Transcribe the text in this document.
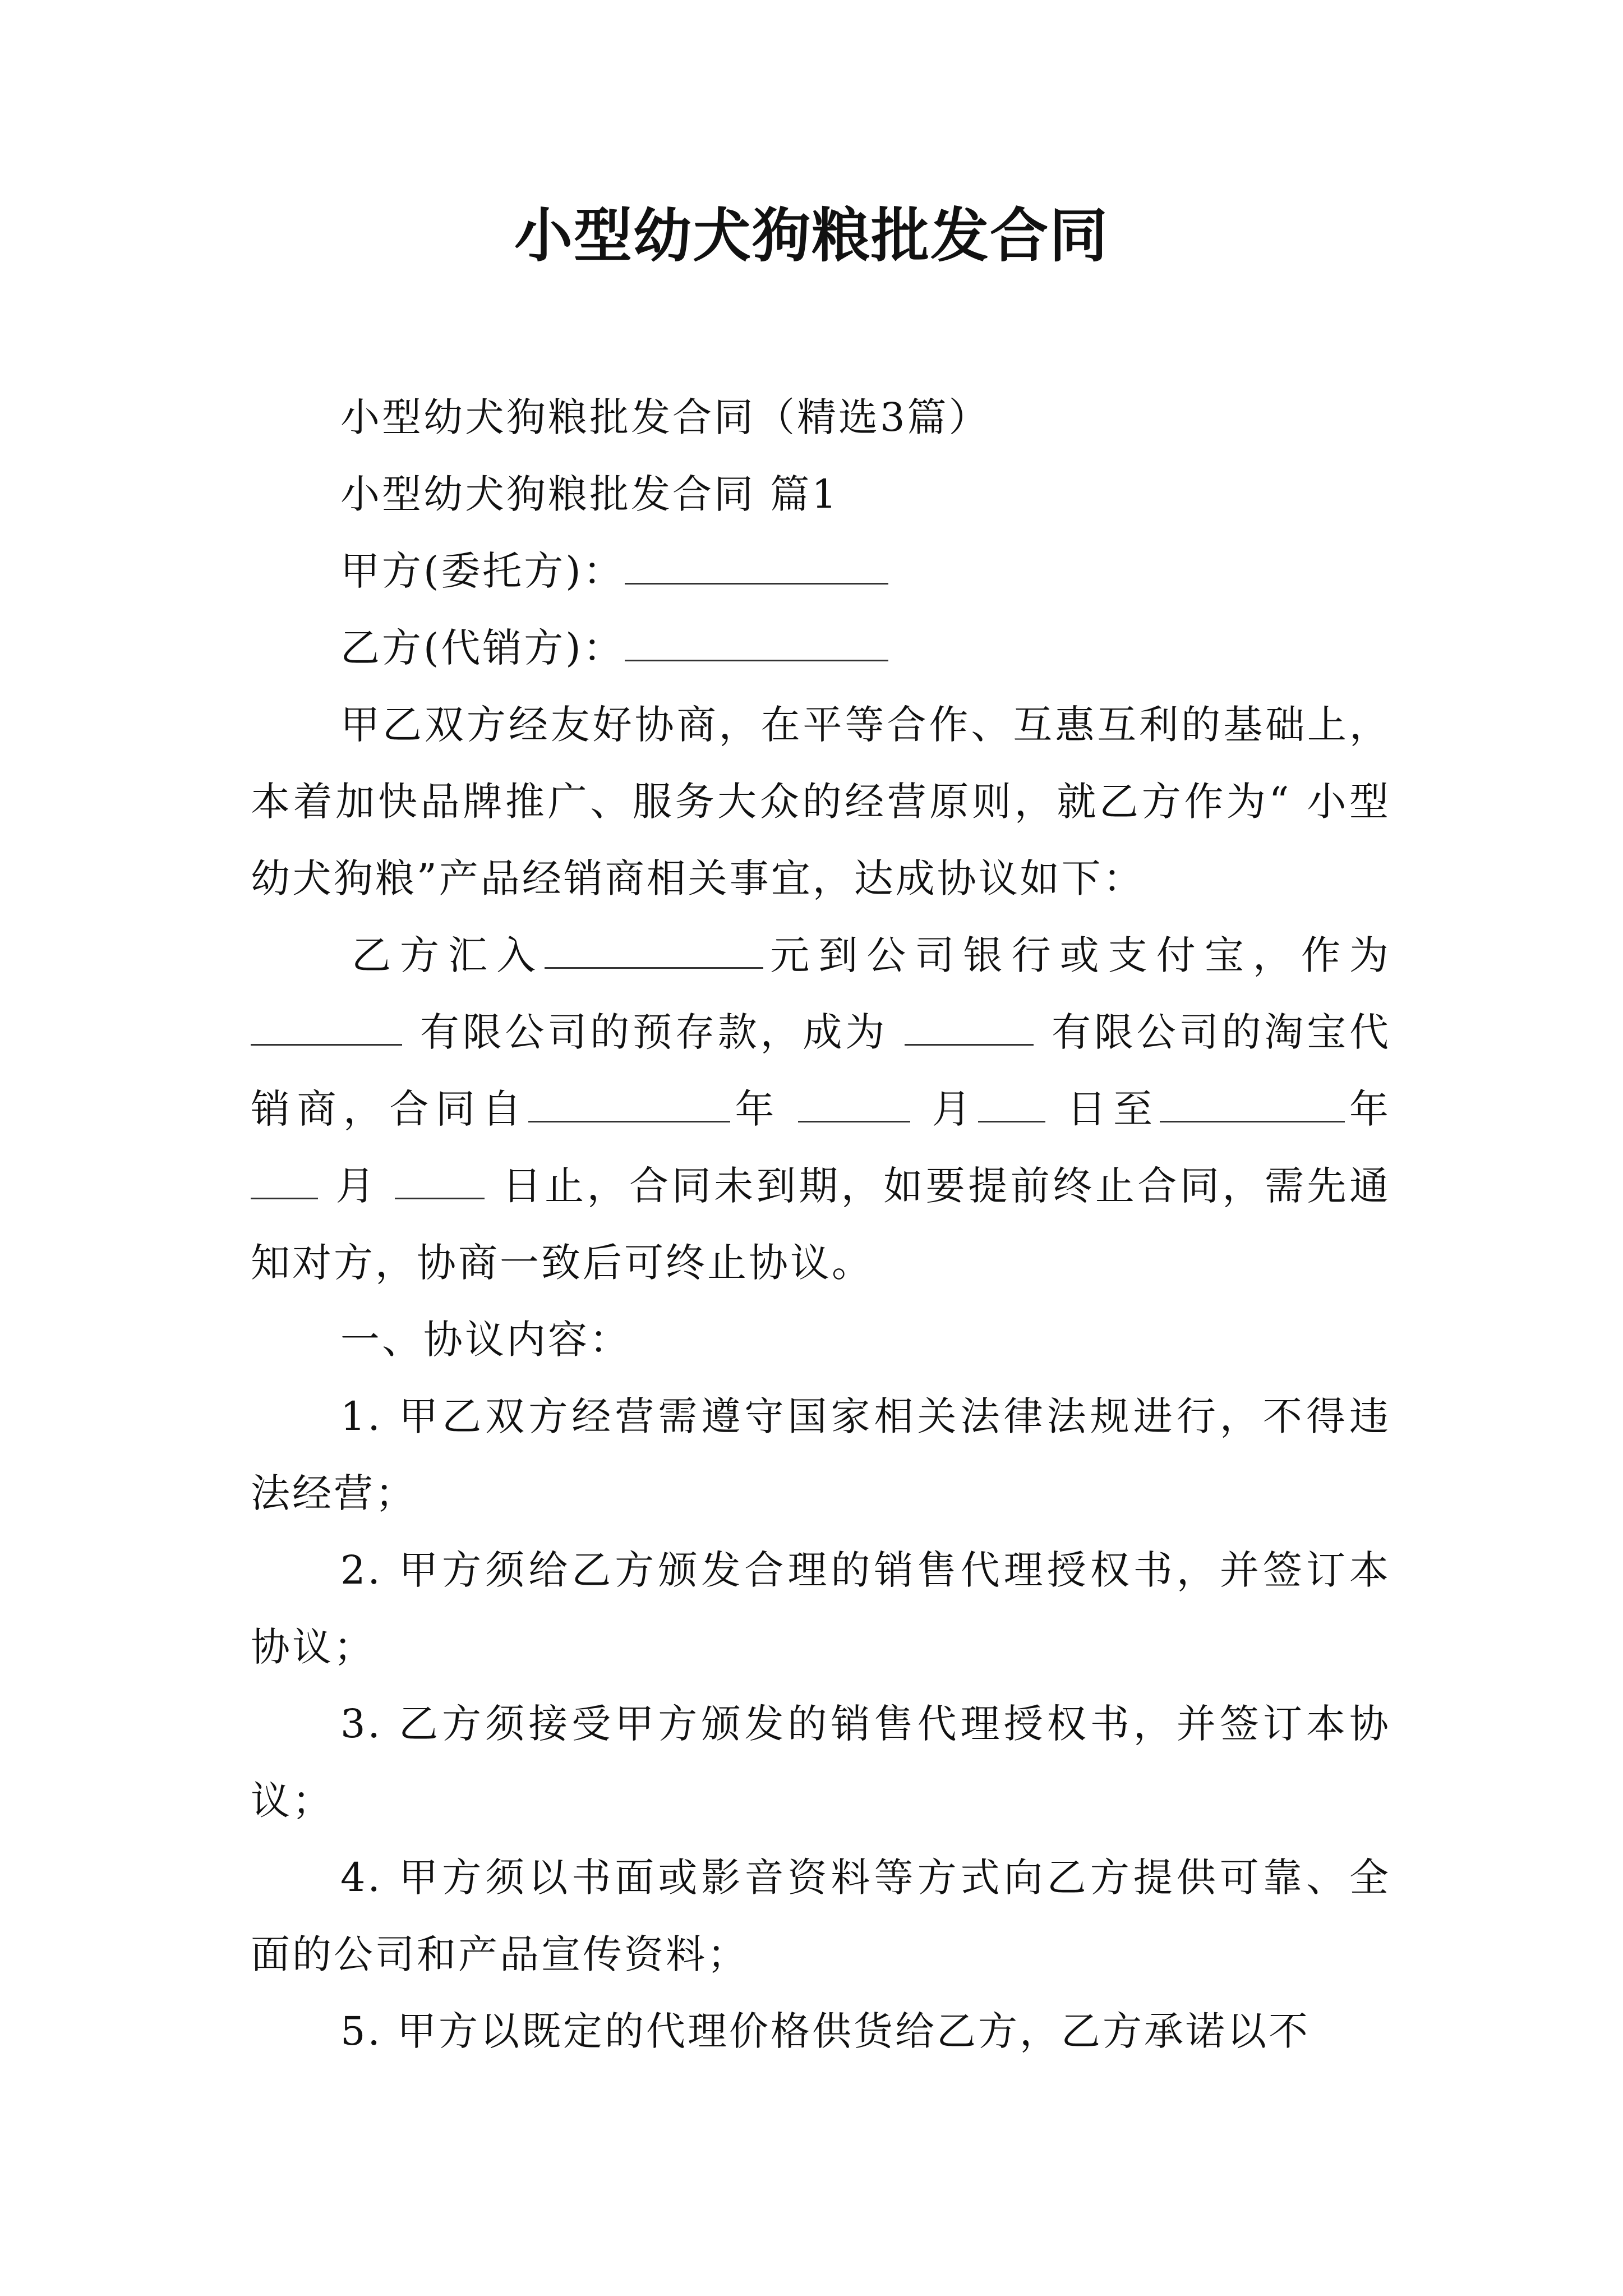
小型幼犬狗粮批发合同

小型幼犬狗粮批发合同（精选3篇）

小型幼犬狗粮批发合同 篇1

甲方(委托方)：

乙方(代销方)：

甲乙双方经友好协商，在平等合作、互惠互利的基础上，本着加快品牌推广、服务大众的经营原则，就乙方作为“ 小型幼犬狗粮”产品经销商相关事宜，达成协议如下：

乙方汇入	元到公司银行或支付宝，作为有限公司的预存款，成为	有限公司的淘宝代销商，合同自	年	月 日至	年月	日止，合同未到期，如要提前终止合同，需先通知对方，协商一致后可终止协议。

一、协议内容：

1. 甲乙双方经营需遵守国家相关法律法规进行，不得违法经营；

2. 甲方须给乙方颁发合理的销售代理授权书，并签订本协议；

3. 乙方须接受甲方颁发的销售代理授权书，并签订本协议；

4. 甲方须以书面或影音资料等方式向乙方提供可靠、全面的公司和产品宣传资料；

5. 甲方以既定的代理价格供货给乙方，乙方承诺以不
